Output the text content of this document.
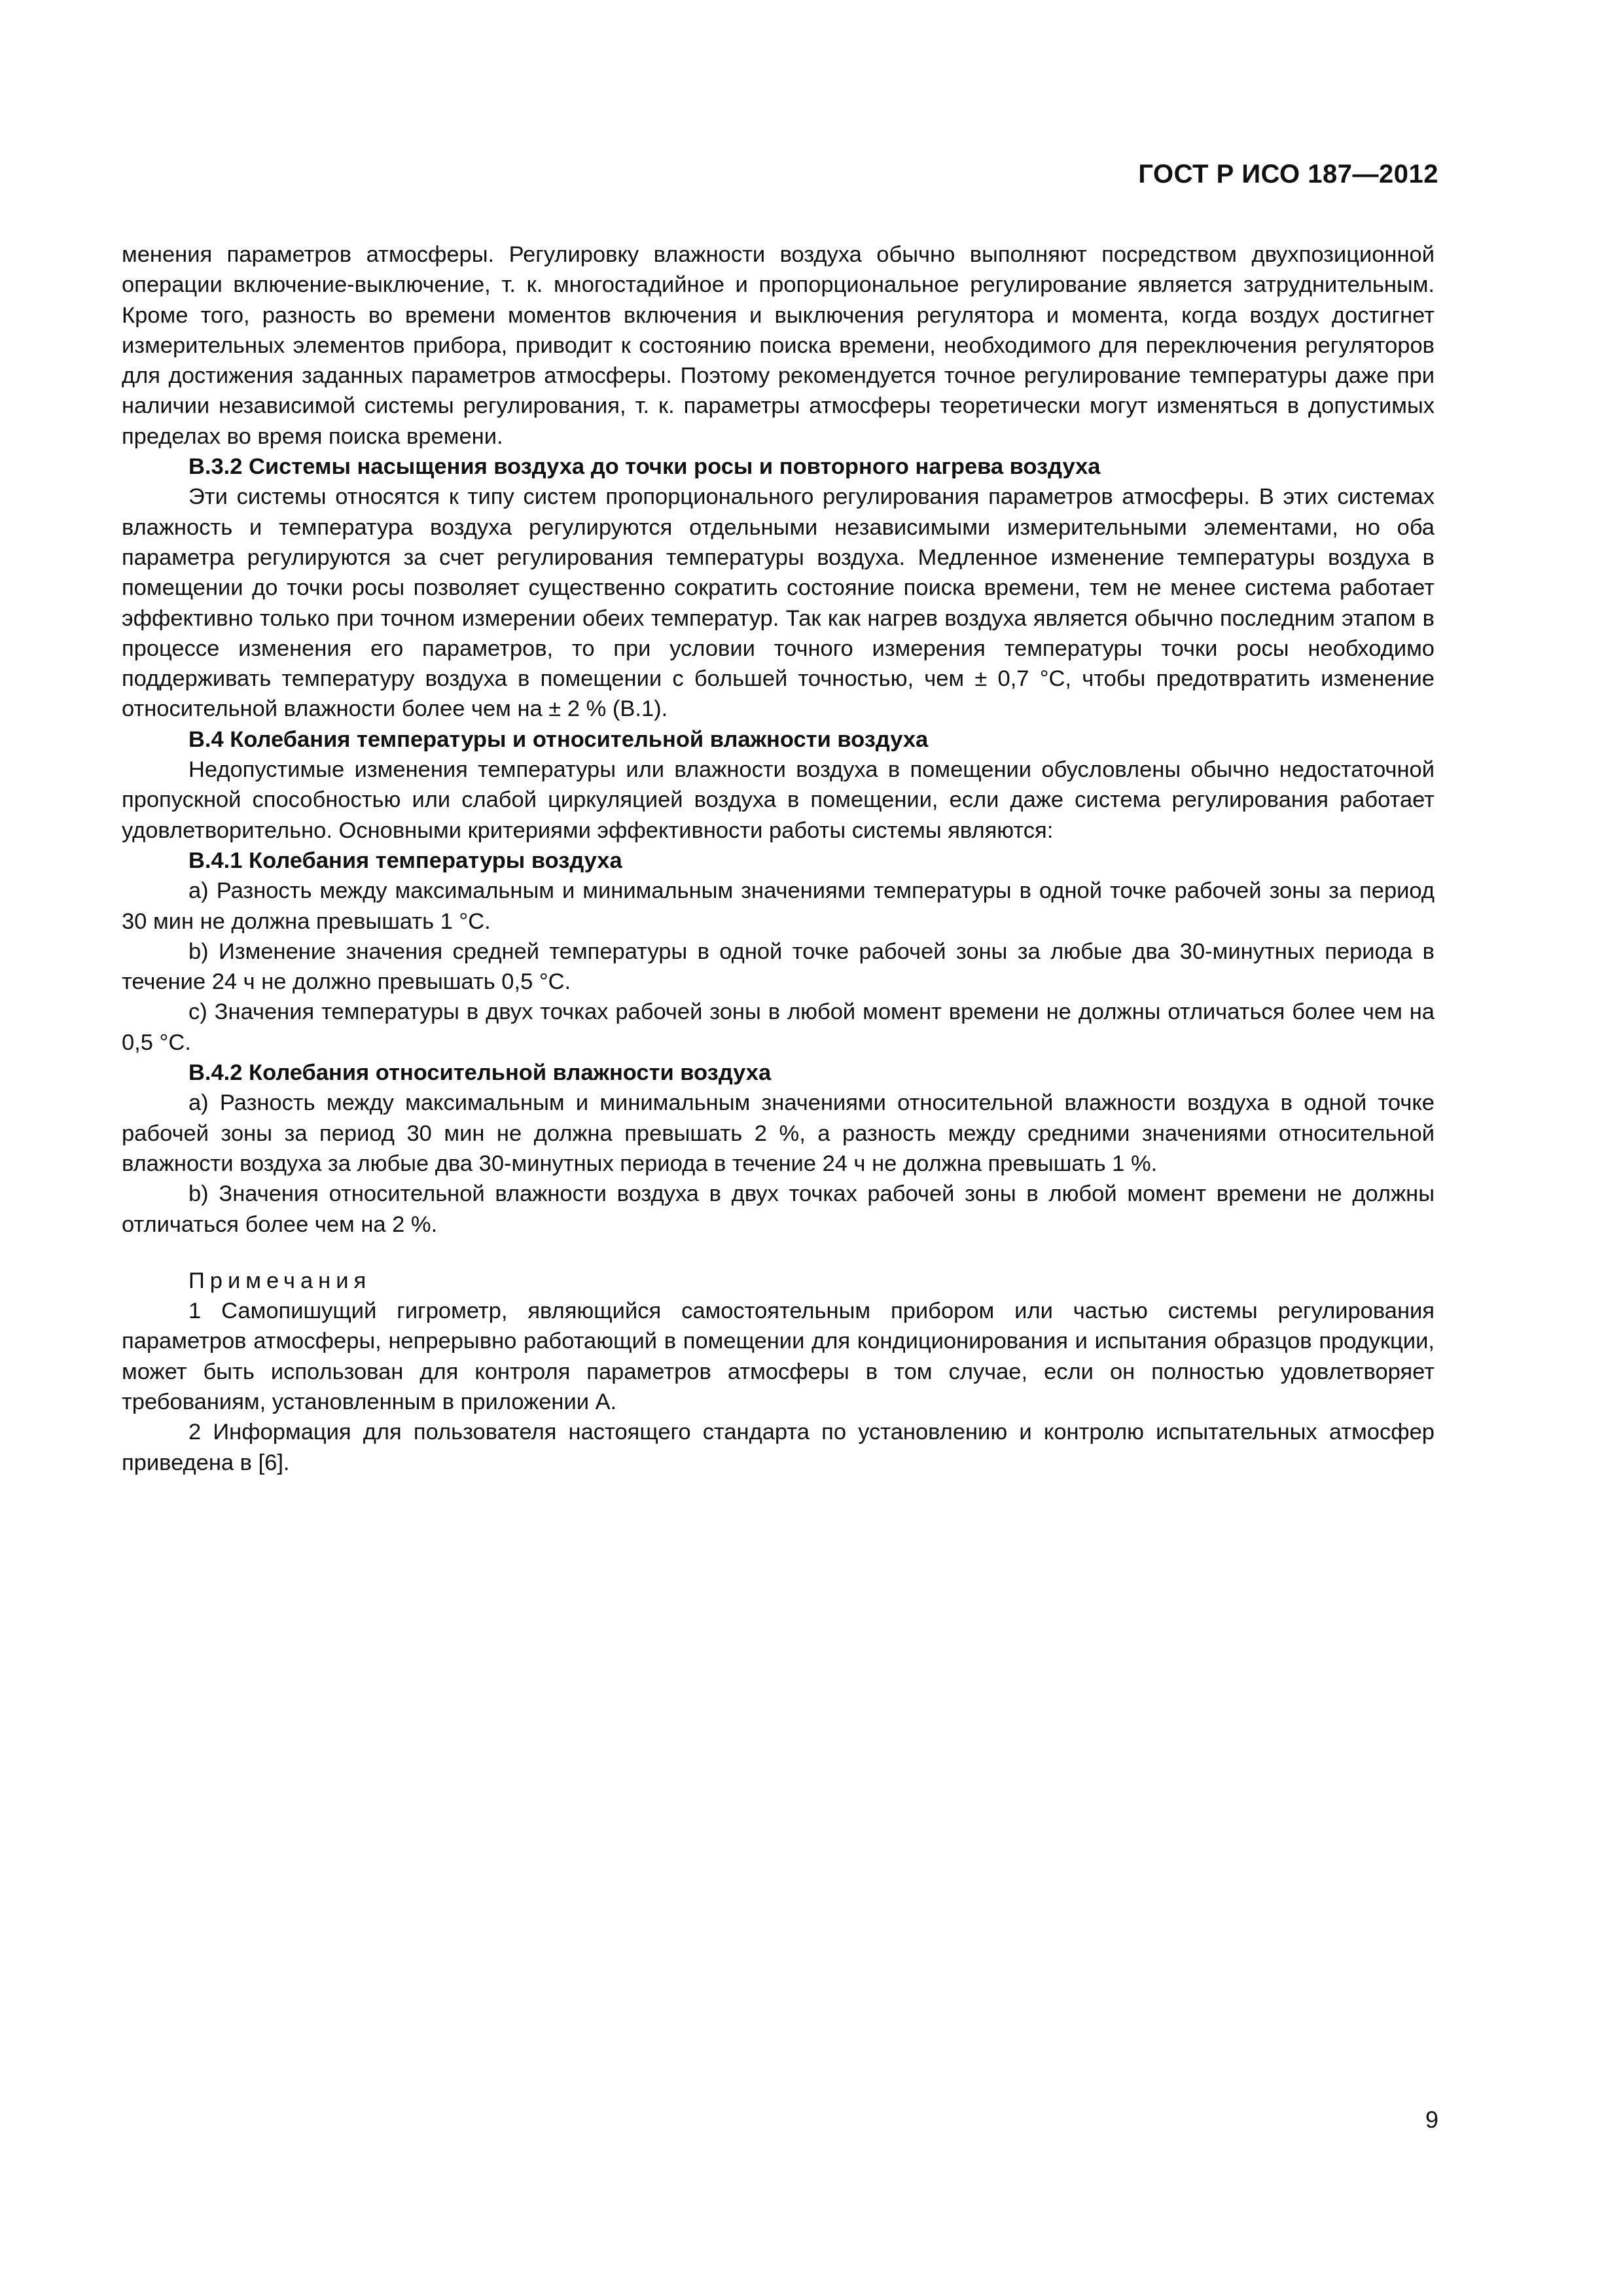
ГОСТ Р ИСО 187—2012

менения параметров атмосферы. Регулировку влажности воздуха обычно выполняют посредством двухпозиционной операции включение-выключение, т. к. многостадийное и пропорциональное регулирование является затруднительным. Кроме того, разность во времени моментов включения и выключения регулятора и момента, когда воздух достигнет измерительных элементов прибора, приводит к состоянию поиска времени, необходимого для переключения регуляторов для достижения заданных параметров атмосферы. Поэтому рекомендуется точное регулирование температуры даже при наличии независимой системы регулирования, т. к. параметры атмосферы теоретически могут изменяться в допустимых пределах во время поиска времени.

В.3.2 Системы насыщения воздуха до точки росы и повторного нагрева воздуха

Эти системы относятся к типу систем пропорционального регулирования параметров атмосферы. В этих системах влажность и температура воздуха регулируются отдельными независимыми измерительными элементами, но оба параметра регулируются за счет регулирования температуры воздуха. Медленное изменение температуры воздуха в помещении до точки росы позволяет существенно сократить состояние поиска времени, тем не менее система работает эффективно только при точном измерении обеих температур. Так как нагрев воздуха является обычно последним этапом в процессе изменения его параметров, то при условии точного измерения температуры точки росы необходимо поддерживать температуру воздуха в помещении с большей точностью, чем ± 0,7 °С, чтобы предотвратить изменение относительной влажности более чем на ± 2 % (В.1).

В.4 Колебания температуры и относительной влажности воздуха

Недопустимые изменения температуры или влажности воздуха в помещении обусловлены обычно недостаточной пропускной способностью или слабой циркуляцией воздуха в помещении, если даже система регулирования работает удовлетворительно. Основными критериями эффективности работы системы являются:

В.4.1 Колебания температуры воздуха

а) Разность между максимальным и минимальным значениями температуры в одной точке рабочей зоны за период 30 мин не должна превышать 1 °С.

b) Изменение значения средней температуры в одной точке рабочей зоны за любые два 30-минутных периода в течение 24 ч не должно превышать 0,5 °С.

с) Значения температуры в двух точках рабочей зоны в любой момент времени не должны отличаться более чем на 0,5 °С.

В.4.2 Колебания относительной влажности воздуха

а) Разность между максимальным и минимальным значениями относительной влажности воздуха в одной точке рабочей зоны за период 30 мин не должна превышать 2 %, а разность между средними значениями относительной влажности воздуха за любые два 30-минутных периода в течение 24 ч не должна превышать 1 %.

b) Значения относительной влажности воздуха в двух точках рабочей зоны в любой момент времени не должны отличаться более чем на 2 %.

Примечания

1 Самопишущий гигрометр, являющийся самостоятельным прибором или частью системы регулирования параметров атмосферы, непрерывно работающий в помещении для кондиционирования и испытания образцов продукции, может быть использован для контроля параметров атмосферы в том случае, если он полностью удовлетворяет требованиям, установленным в приложении А.

2 Информация для пользователя настоящего стандарта по установлению и контролю испытательных атмосфер приведена в [6].

9
